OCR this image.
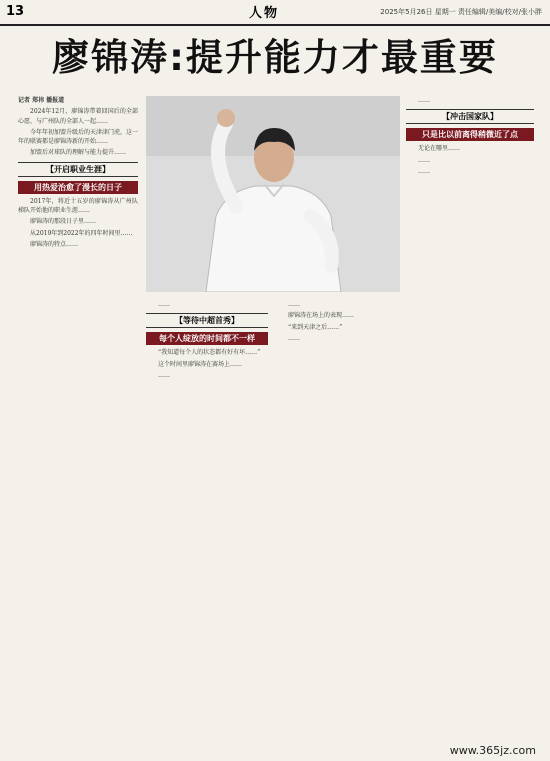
13	人物	2025年5月26日 星期一 责任编辑/美编/校对/张小胖
廖锦涛:提升能力才最重要

记者 郑祎 播报道

2024年12月，廖锦涛带着回国后的全部心愿，与广州队的全部人一起……

今年年初加盟升级后的天津津门虎，这一年的联赛都是廖锦涛新的开始……

加盟后对球队的理解与能力提升……

【开启职业生涯】
用热爱治愈了漫长的日子

2017年，将近十五岁的廖锦涛从广州队梯队开始他的职业生涯……

廖锦涛的那段日子里……

从2019年到2022年的四年时间里……

廖锦涛的特点……

……

【等待中超首秀】
每个人绽放的时间都不一样

“我知道每个人的状态都有好有坏……”

这个时间里廖锦涛在赛场上……

……

……

廖锦涛在场上的表现……

“来到天津之后……”

……

……

【冲击国家队】
只是比以前离得稍微近了点

无论在哪里……

……

……

www.365jz.com
